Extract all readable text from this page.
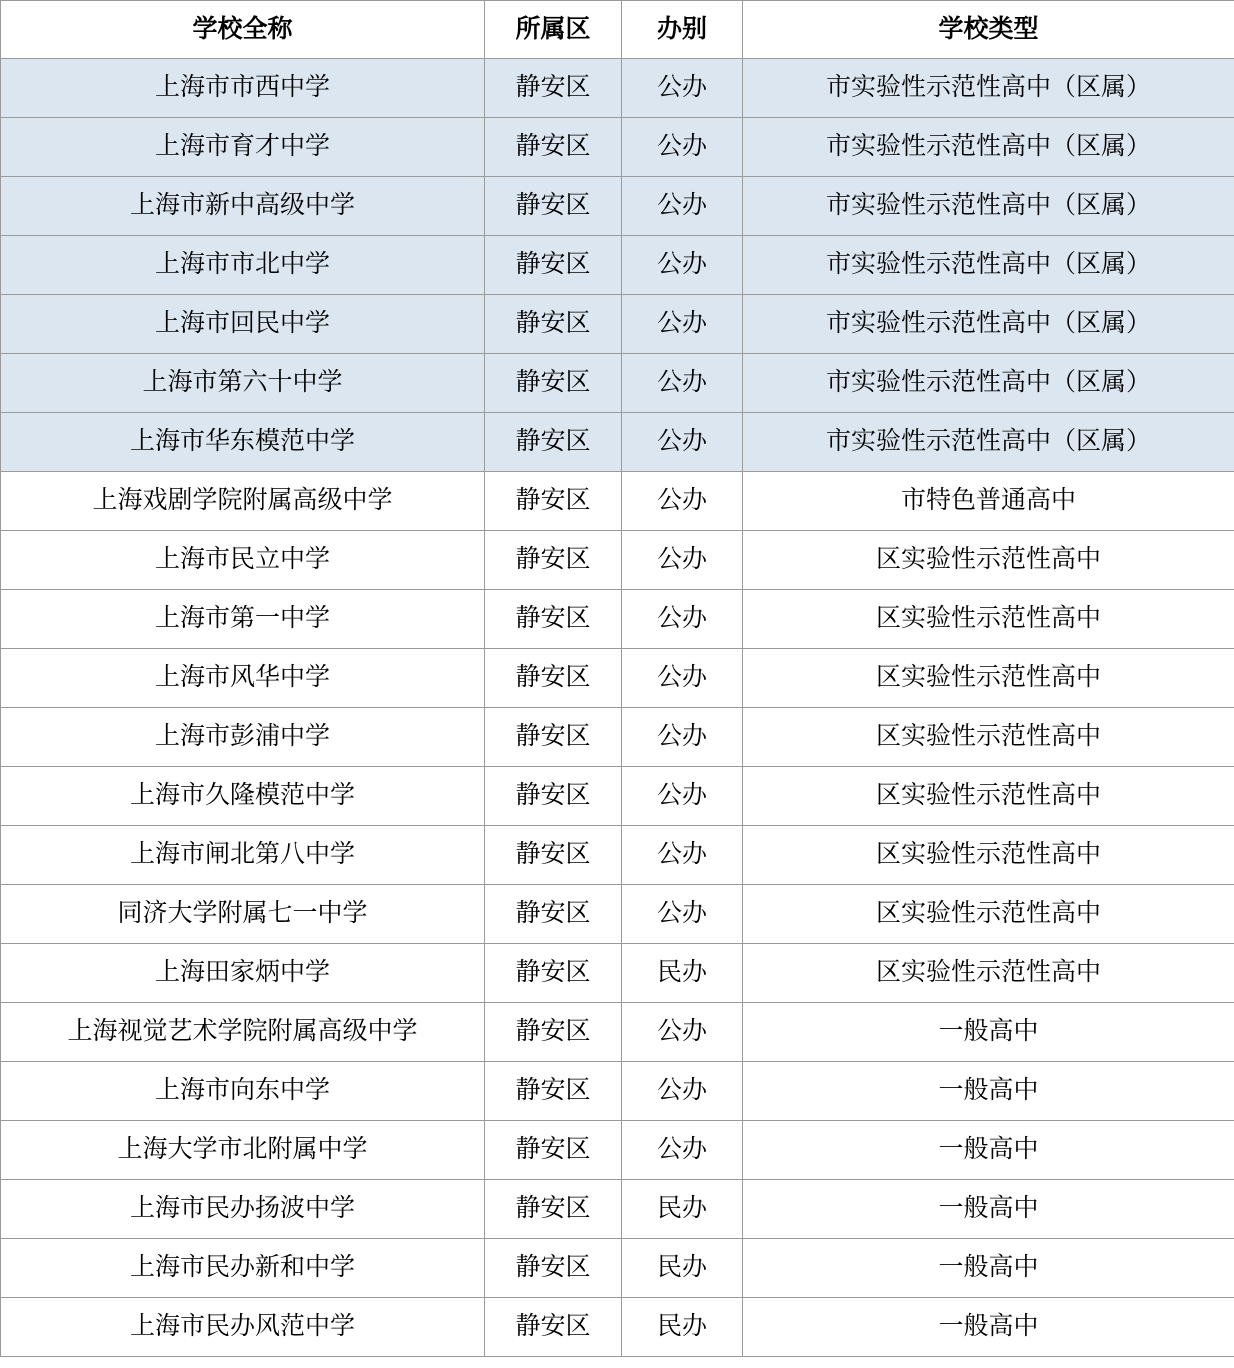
学校全称	所属区	办别	学校类型
上海市市西中学	静安区	公办	市实验性示范性高中（区属）
上海市育才中学	静安区	公办	市实验性示范性高中（区属）
上海市新中高级中学	静安区	公办	市实验性示范性高中（区属）
上海市市北中学	静安区	公办	市实验性示范性高中（区属）
上海市回民中学	静安区	公办	市实验性示范性高中（区属）
上海市第六十中学	静安区	公办	市实验性示范性高中（区属）
上海市华东模范中学	静安区	公办	市实验性示范性高中（区属）
上海戏剧学院附属高级中学	静安区	公办	市特色普通高中
上海市民立中学	静安区	公办	区实验性示范性高中
上海市第一中学	静安区	公办	区实验性示范性高中
上海市风华中学	静安区	公办	区实验性示范性高中
上海市彭浦中学	静安区	公办	区实验性示范性高中
上海市久隆模范中学	静安区	公办	区实验性示范性高中
上海市闸北第八中学	静安区	公办	区实验性示范性高中
同济大学附属七一中学	静安区	公办	区实验性示范性高中
上海田家炳中学	静安区	民办	区实验性示范性高中
上海视觉艺术学院附属高级中学	静安区	公办	一般高中
上海市向东中学	静安区	公办	一般高中
上海大学市北附属中学	静安区	公办	一般高中
上海市民办扬波中学	静安区	民办	一般高中
上海市民办新和中学	静安区	民办	一般高中
上海市民办风范中学	静安区	民办	一般高中
